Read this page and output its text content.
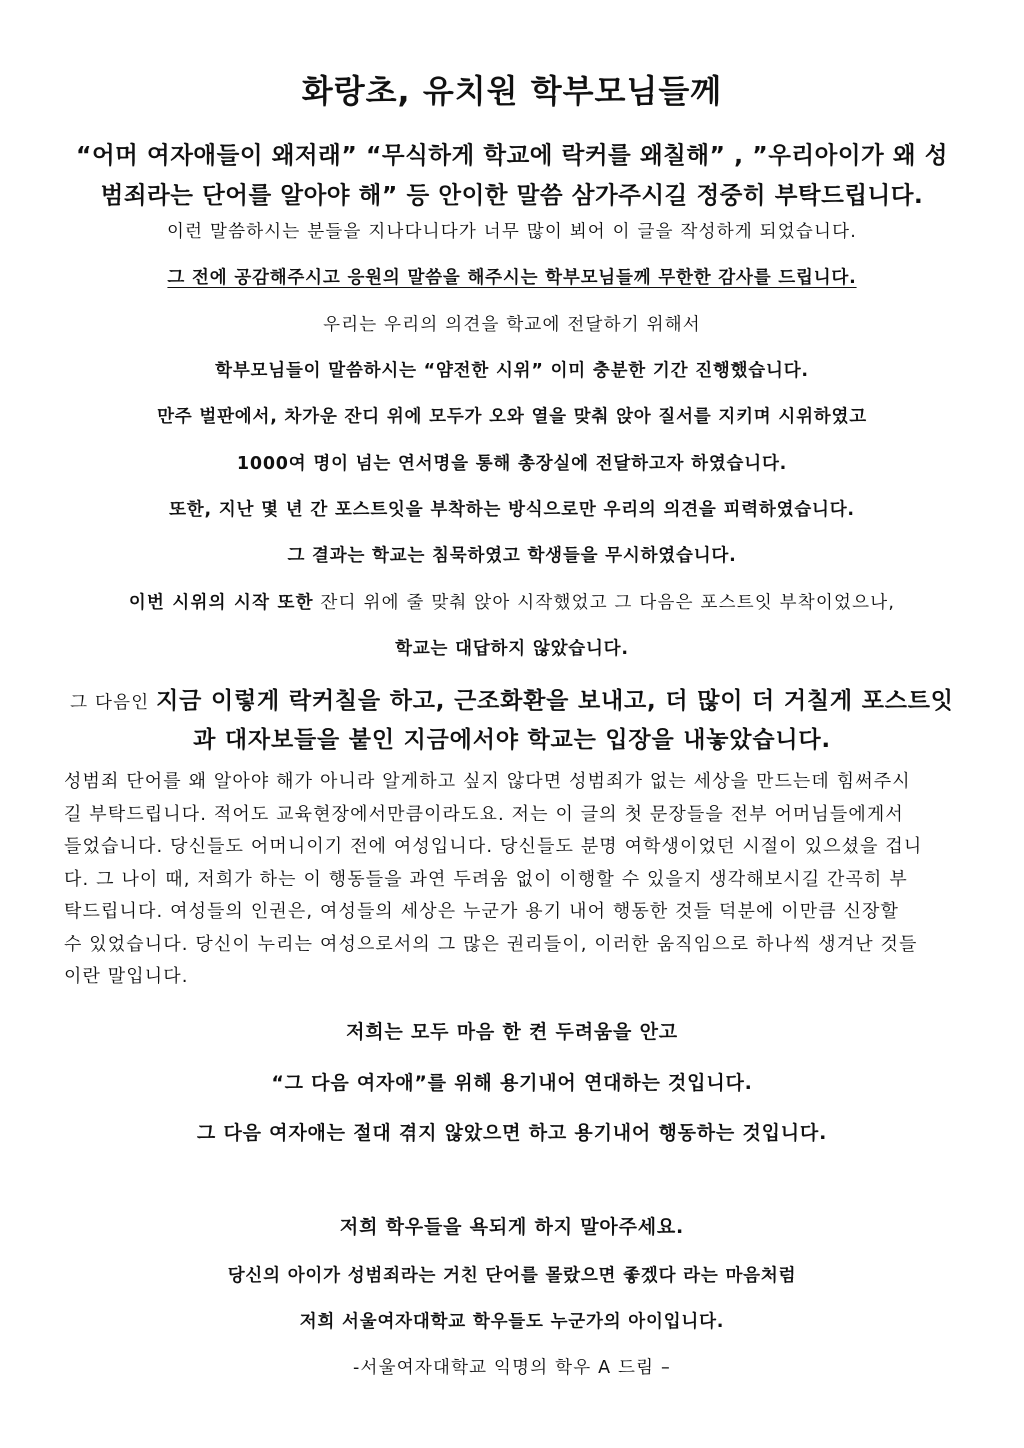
화랑초, 유치원 학부모님들께

“어머 여자애들이 왜저래” “무식하게 학교에 락커를 왜칠해” , ”우리아이가 왜 성

범죄라는 단어를 알아야 해” 등 안이한 말씀 삼가주시길 정중히 부탁드립니다.

이런 말씀하시는 분들을 지나다니다가 너무 많이 뵈어 이 글을 작성하게 되었습니다.

그 전에 공감해주시고 응원의 말씀을 해주시는 학부모님들께 무한한 감사를 드립니다.

우리는 우리의 의견을 학교에 전달하기 위해서

학부모님들이 말씀하시는 “얌전한 시위” 이미 충분한 기간 진행했습니다.

만주 벌판에서, 차가운 잔디 위에 모두가 오와 열을 맞춰 앉아 질서를 지키며 시위하였고

1000여 명이 넘는 연서명을 통해 총장실에 전달하고자 하였습니다.

또한, 지난 몇 년 간 포스트잇을 부착하는 방식으로만 우리의 의견을 피력하였습니다.

그 결과는 학교는 침묵하였고 학생들을 무시하였습니다.

이번 시위의 시작 또한 잔디 위에 줄 맞춰 앉아 시작했었고 그 다음은 포스트잇 부착이었으나,

학교는 대답하지 않았습니다.

그 다음인 지금 이렇게 락커칠을 하고, 근조화환을 보내고, 더 많이 더 거칠게 포스트잇

과 대자보들을 붙인 지금에서야 학교는 입장을 내놓았습니다.

성범죄 단어를 왜 알아야 해가 아니라 알게하고 싶지 않다면 성범죄가 없는 세상을 만드는데 힘써주시
길 부탁드립니다. 적어도 교육현장에서만큼이라도요. 저는 이 글의 첫 문장들을 전부 어머님들에게서
들었습니다. 당신들도 어머니이기 전에 여성입니다. 당신들도 분명 여학생이었던 시절이 있으셨을 겁니
다. 그 나이 때, 저희가 하는 이 행동들을 과연 두려움 없이 이행할 수 있을지 생각해보시길 간곡히 부
탁드립니다. 여성들의 인권은, 여성들의 세상은 누군가 용기 내어 행동한 것들 덕분에 이만큼 신장할
수 있었습니다. 당신이 누리는 여성으로서의 그 많은 권리들이, 이러한 움직임으로 하나씩 생겨난 것들
이란 말입니다.

저희는 모두 마음 한 켠 두려움을 안고

“그 다음 여자애”를 위해 용기내어 연대하는 것입니다.

그 다음 여자애는 절대 겪지 않았으면 하고 용기내어 행동하는 것입니다.

저희 학우들을 욕되게 하지 말아주세요.

당신의 아이가 성범죄라는 거친 단어를 몰랐으면 좋겠다 라는 마음처럼

저희 서울여자대학교 학우들도 누군가의 아이입니다.

-서울여자대학교 익명의 학우 A 드림 –
